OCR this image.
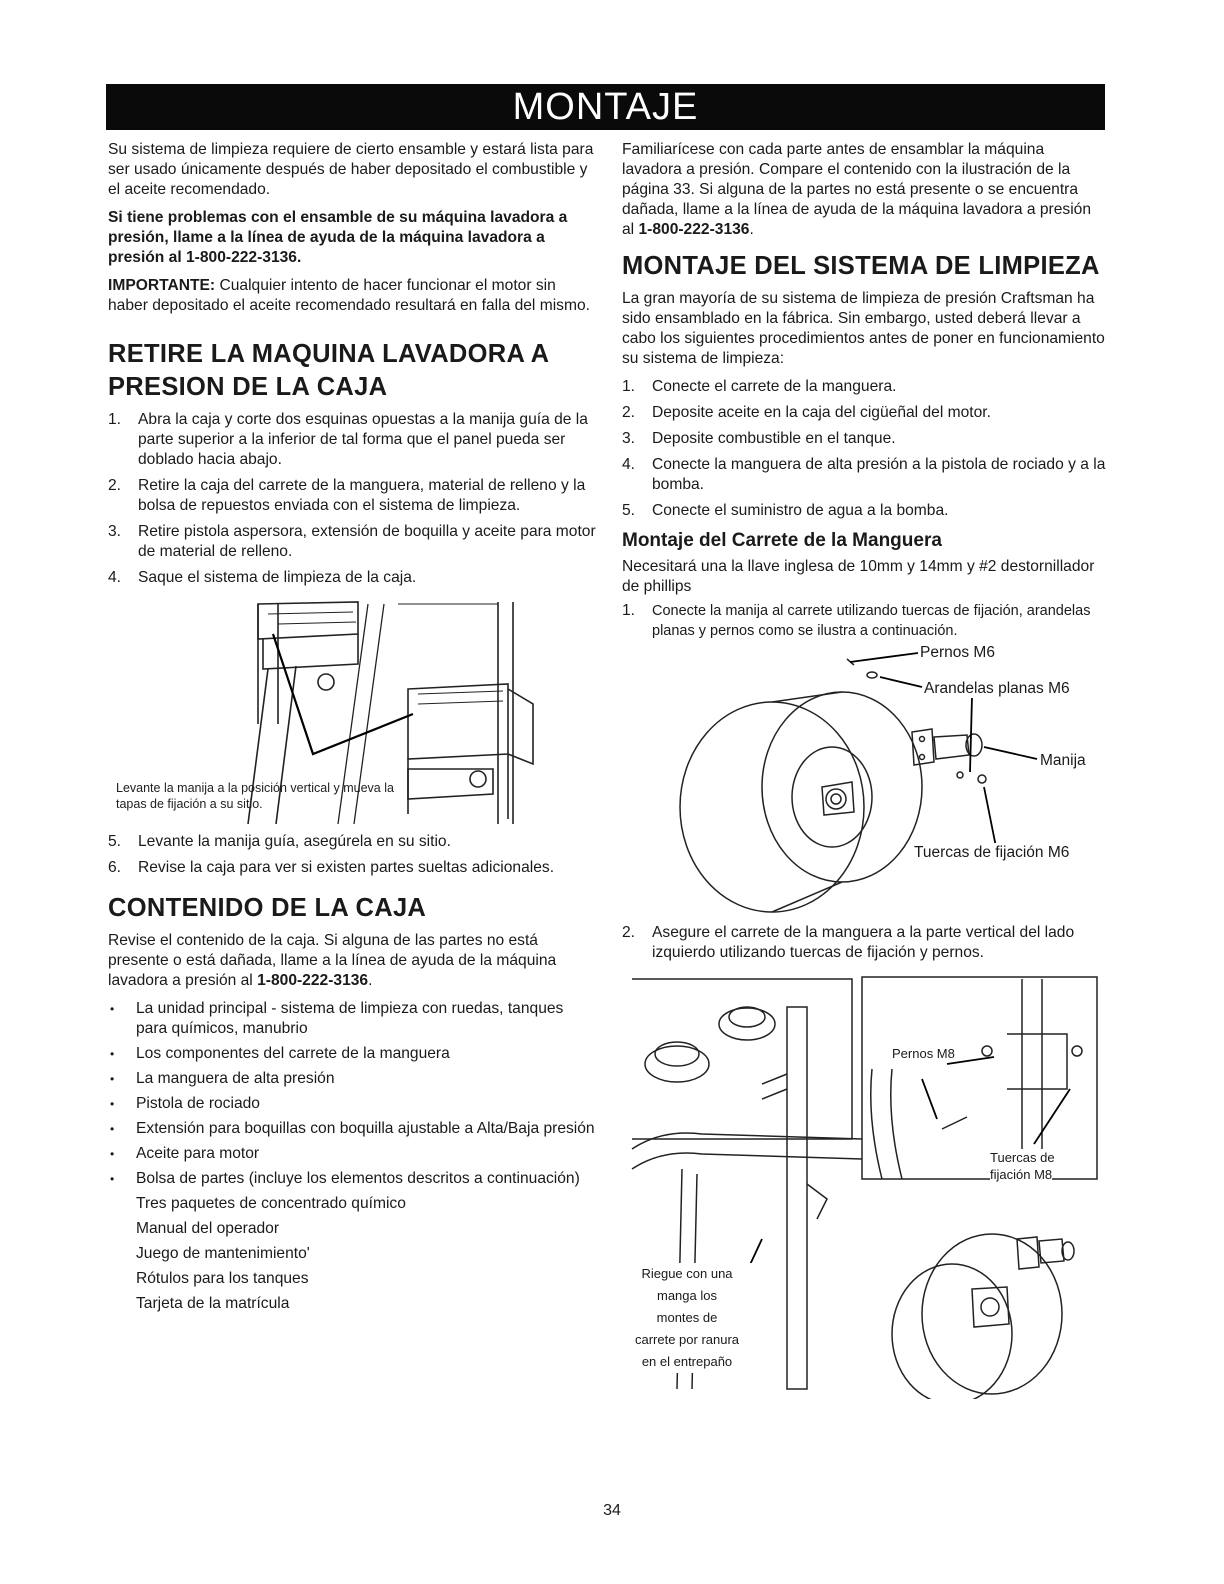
MONTAJE

Su sistema de limpieza requiere de cierto ensamble y estará lista para ser usado únicamente después de haber depositado el combustible y el aceite recomendado.

Si tiene problemas con el ensamble de su máquina lavadora a presión, llame a la línea de ayuda de la máquina lavadora a presión al 1-800-222-3136.

IMPORTANTE: Cualquier intento de hacer funcionar el motor sin haber depositado el aceite recomendado resultará en falla del mismo.

RETIRE LA MAQUINA LAVADORA A PRESION DE LA CAJA
1. Abra la caja y corte dos esquinas opuestas a la manija guía de la parte superior a la inferior de tal forma que el panel pueda ser doblado hacia abajo.
2. Retire la caja del carrete de la manguera, material de relleno y la bolsa de repuestos enviada con el sistema de limpieza.
3. Retire pistola aspersora, extensión de boquilla y aceite para motor de material de relleno.
4. Saque el sistema de limpieza de la caja.
Levante la manija a la posición vertical y mueva la tapas de fijación a su sitio.
5. Levante la manija guía, asegúrela en su sitio.
6. Revise la caja para ver si existen partes sueltas adicionales.
CONTENIDO DE LA CAJA

Revise el contenido de la caja. Si alguna de las partes no está presente o está dañada, llame a la línea de ayuda de la máquina lavadora a presión al 1-800-222-3136.

• La unidad principal - sistema de limpieza con ruedas, tanques para químicos, manubrio
• Los componentes del carrete de la manguera
• La manguera de alta presión
• Pistola de rociado
• Extensión para boquillas con boquilla ajustable a Alta/Baja presión
• Aceite para motor
• Bolsa de partes (incluye los elementos descritos a continuación)
Tres paquetes de concentrado químico
Manual del operador
Juego de mantenimiento'
Rótulos para los tanques
Tarjeta de la matrícula

Familiarícese con cada parte antes de ensamblar la máquina lavadora a presión. Compare el contenido con la ilustración de la página 33. Si alguna de la partes no está presente o se encuentra dañada, llame a la línea de ayuda de la máquina lavadora a presión al 1-800-222-3136.

MONTAJE DEL SISTEMA DE LIMPIEZA

La gran mayoría de su sistema de limpieza de presión Craftsman ha sido ensamblado en la fábrica. Sin embargo, usted deberá llevar a cabo los siguientes procedimientos antes de poner en funcionamiento su sistema de limpieza:

1. Conecte el carrete de la manguera.
2. Deposite aceite en la caja del cigüeñal del motor.
3. Deposite combustible en el tanque.
4. Conecte la manguera de alta presión a la pistola de rociado y a la bomba.
5. Conecte el suministro de agua a la bomba.
Montaje del Carrete de la Manguera

Necesitará una la llave inglesa de 10mm y 14mm y #2 destornillador de phillips

1. Conecte la manija al carrete utilizando tuercas de fijación, arandelas planas y pernos como se ilustra a continuación.
Pernos M6
Arandelas planas M6
Manija
Tuercas de fijación M6
2. Asegure el carrete de la manguera a la parte vertical del lado izquierdo utilizando tuercas de fijación y pernos.
Pernos M8
Tuercas de
fijación M8
Riegue con una
manga los
montes de
carrete por ranura
en el entrepaño
34
